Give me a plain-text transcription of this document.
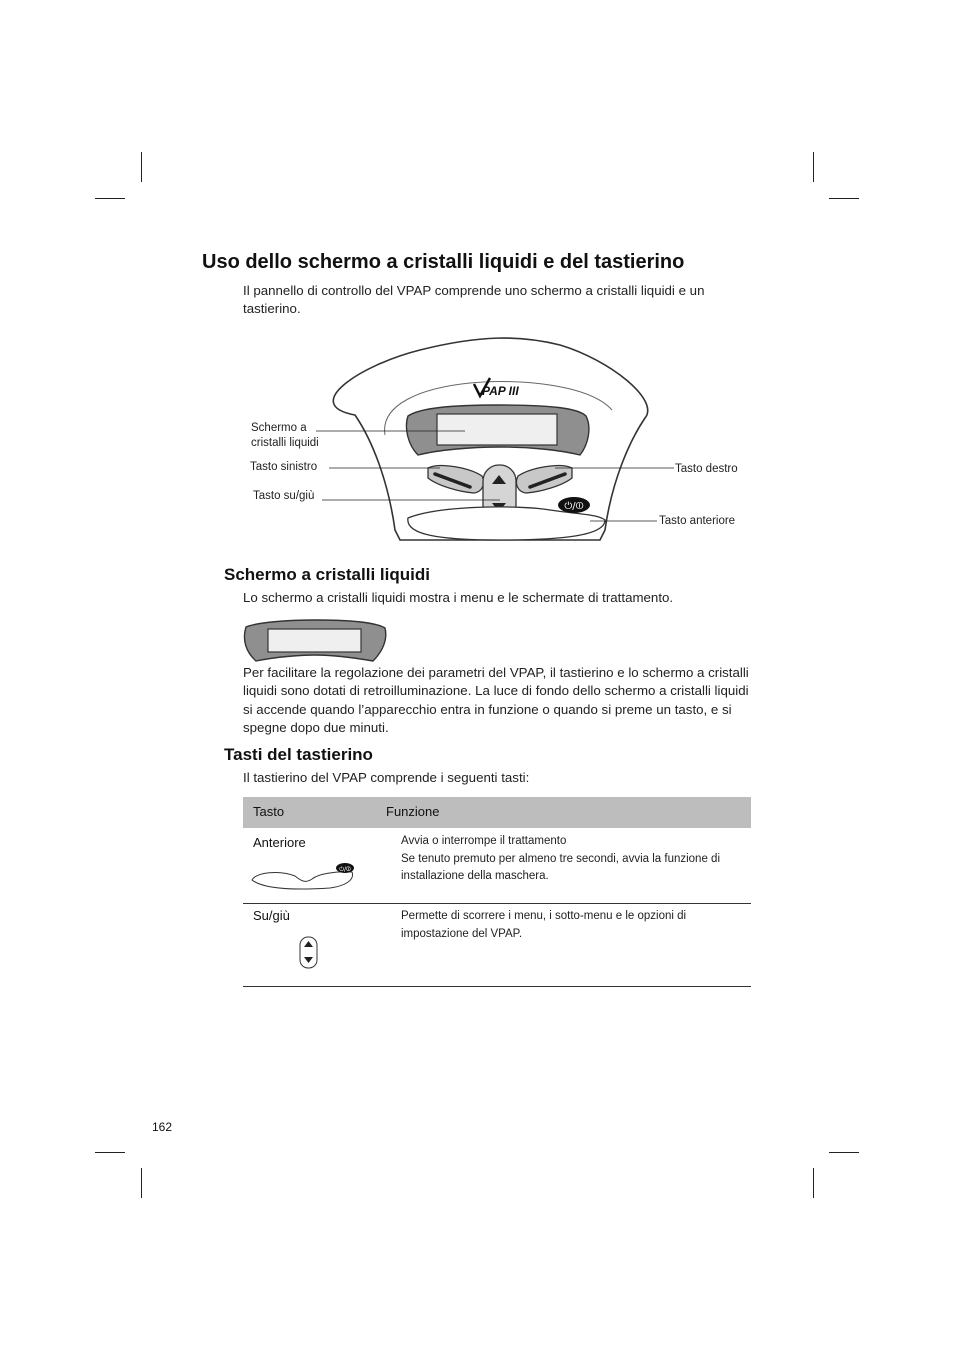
Uso dello schermo a cristalli liquidi e del tastierino
Il pannello di controllo del VPAP comprende uno schermo a cristalli liquidi e un tastierino.
⏻/⏼
PAP III
Schermo a
cristalli liquidi
Tasto sinistro
Tasto su/giù
Tasto destro
Tasto anteriore
Schermo a cristalli liquidi
Lo schermo a cristalli liquidi mostra i menu e le schermate di trattamento.
Per facilitare la regolazione dei parametri del VPAP, il tastierino e lo schermo a cristalli liquidi sono dotati di retroilluminazione. La luce di fondo dello schermo a cristalli liquidi si accende quando l’apparecchio entra in funzione o quando si preme un tasto, e si spegne dopo due minuti.
Tasti del tastierino
Il tastierino del VPAP comprende i seguenti tasti:
Tasto	Funzione
Anteriore	Avvia o interrompe il trattamento
Se tenuto premuto per almeno tre secondi, avvia la funzione di installazione della maschera.
⏻/⏼
Su/giù	Permette di scorrere i menu, i sotto-menu e le opzioni di impostazione del VPAP.
162
